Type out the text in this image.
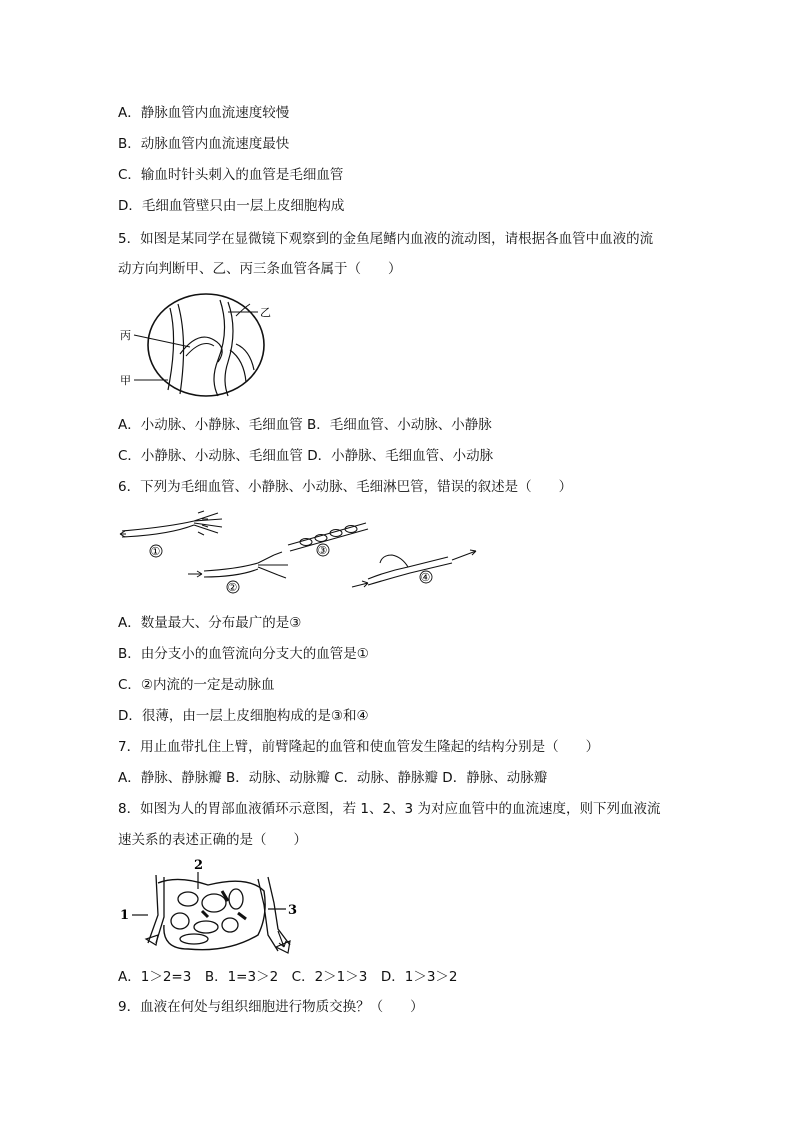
A．静脉血管内血流速度较慢
B．动脉血管内血流速度最快
C．输血时针头刺入的血管是毛细血管
D．毛细血管壁只由一层上皮细胞构成
5．如图是某同学在显微镜下观察到的金鱼尾鳍内血液的流动图，请根据各血管中血液的流
动方向判断甲、乙、丙三条血管各属于（　　）
乙
丙
甲
A．小动脉、小静脉、毛细血管 B．毛细血管、小动脉、小静脉
C．小静脉、小动脉、毛细血管 D．小静脉、毛细血管、小动脉
6．下列为毛细血管、小静脉、小动脉、毛细淋巴管，错误的叙述是（　　）
①
②
③
④
A．数量最大、分布最广的是③
B．由分支小的血管流向分支大的血管是①
C．②内流的一定是动脉血
D．很薄，由一层上皮细胞构成的是③和④
7．用止血带扎住上臂，前臂隆起的血管和使血管发生隆起的结构分别是（　　）
A．静脉、静脉瓣 B．动脉、动脉瓣 C．动脉、静脉瓣 D．静脉、动脉瓣
8．如图为人的胃部血液循环示意图，若 1、2、3 为对应血管中的血流速度，则下列血液流
速关系的表述正确的是（　　）
2
1	3
A．1＞2=3　B．1=3＞2　C．2＞1＞3　D．1＞3＞2
9．血液在何处与组织细胞进行物质交换？（　　）
